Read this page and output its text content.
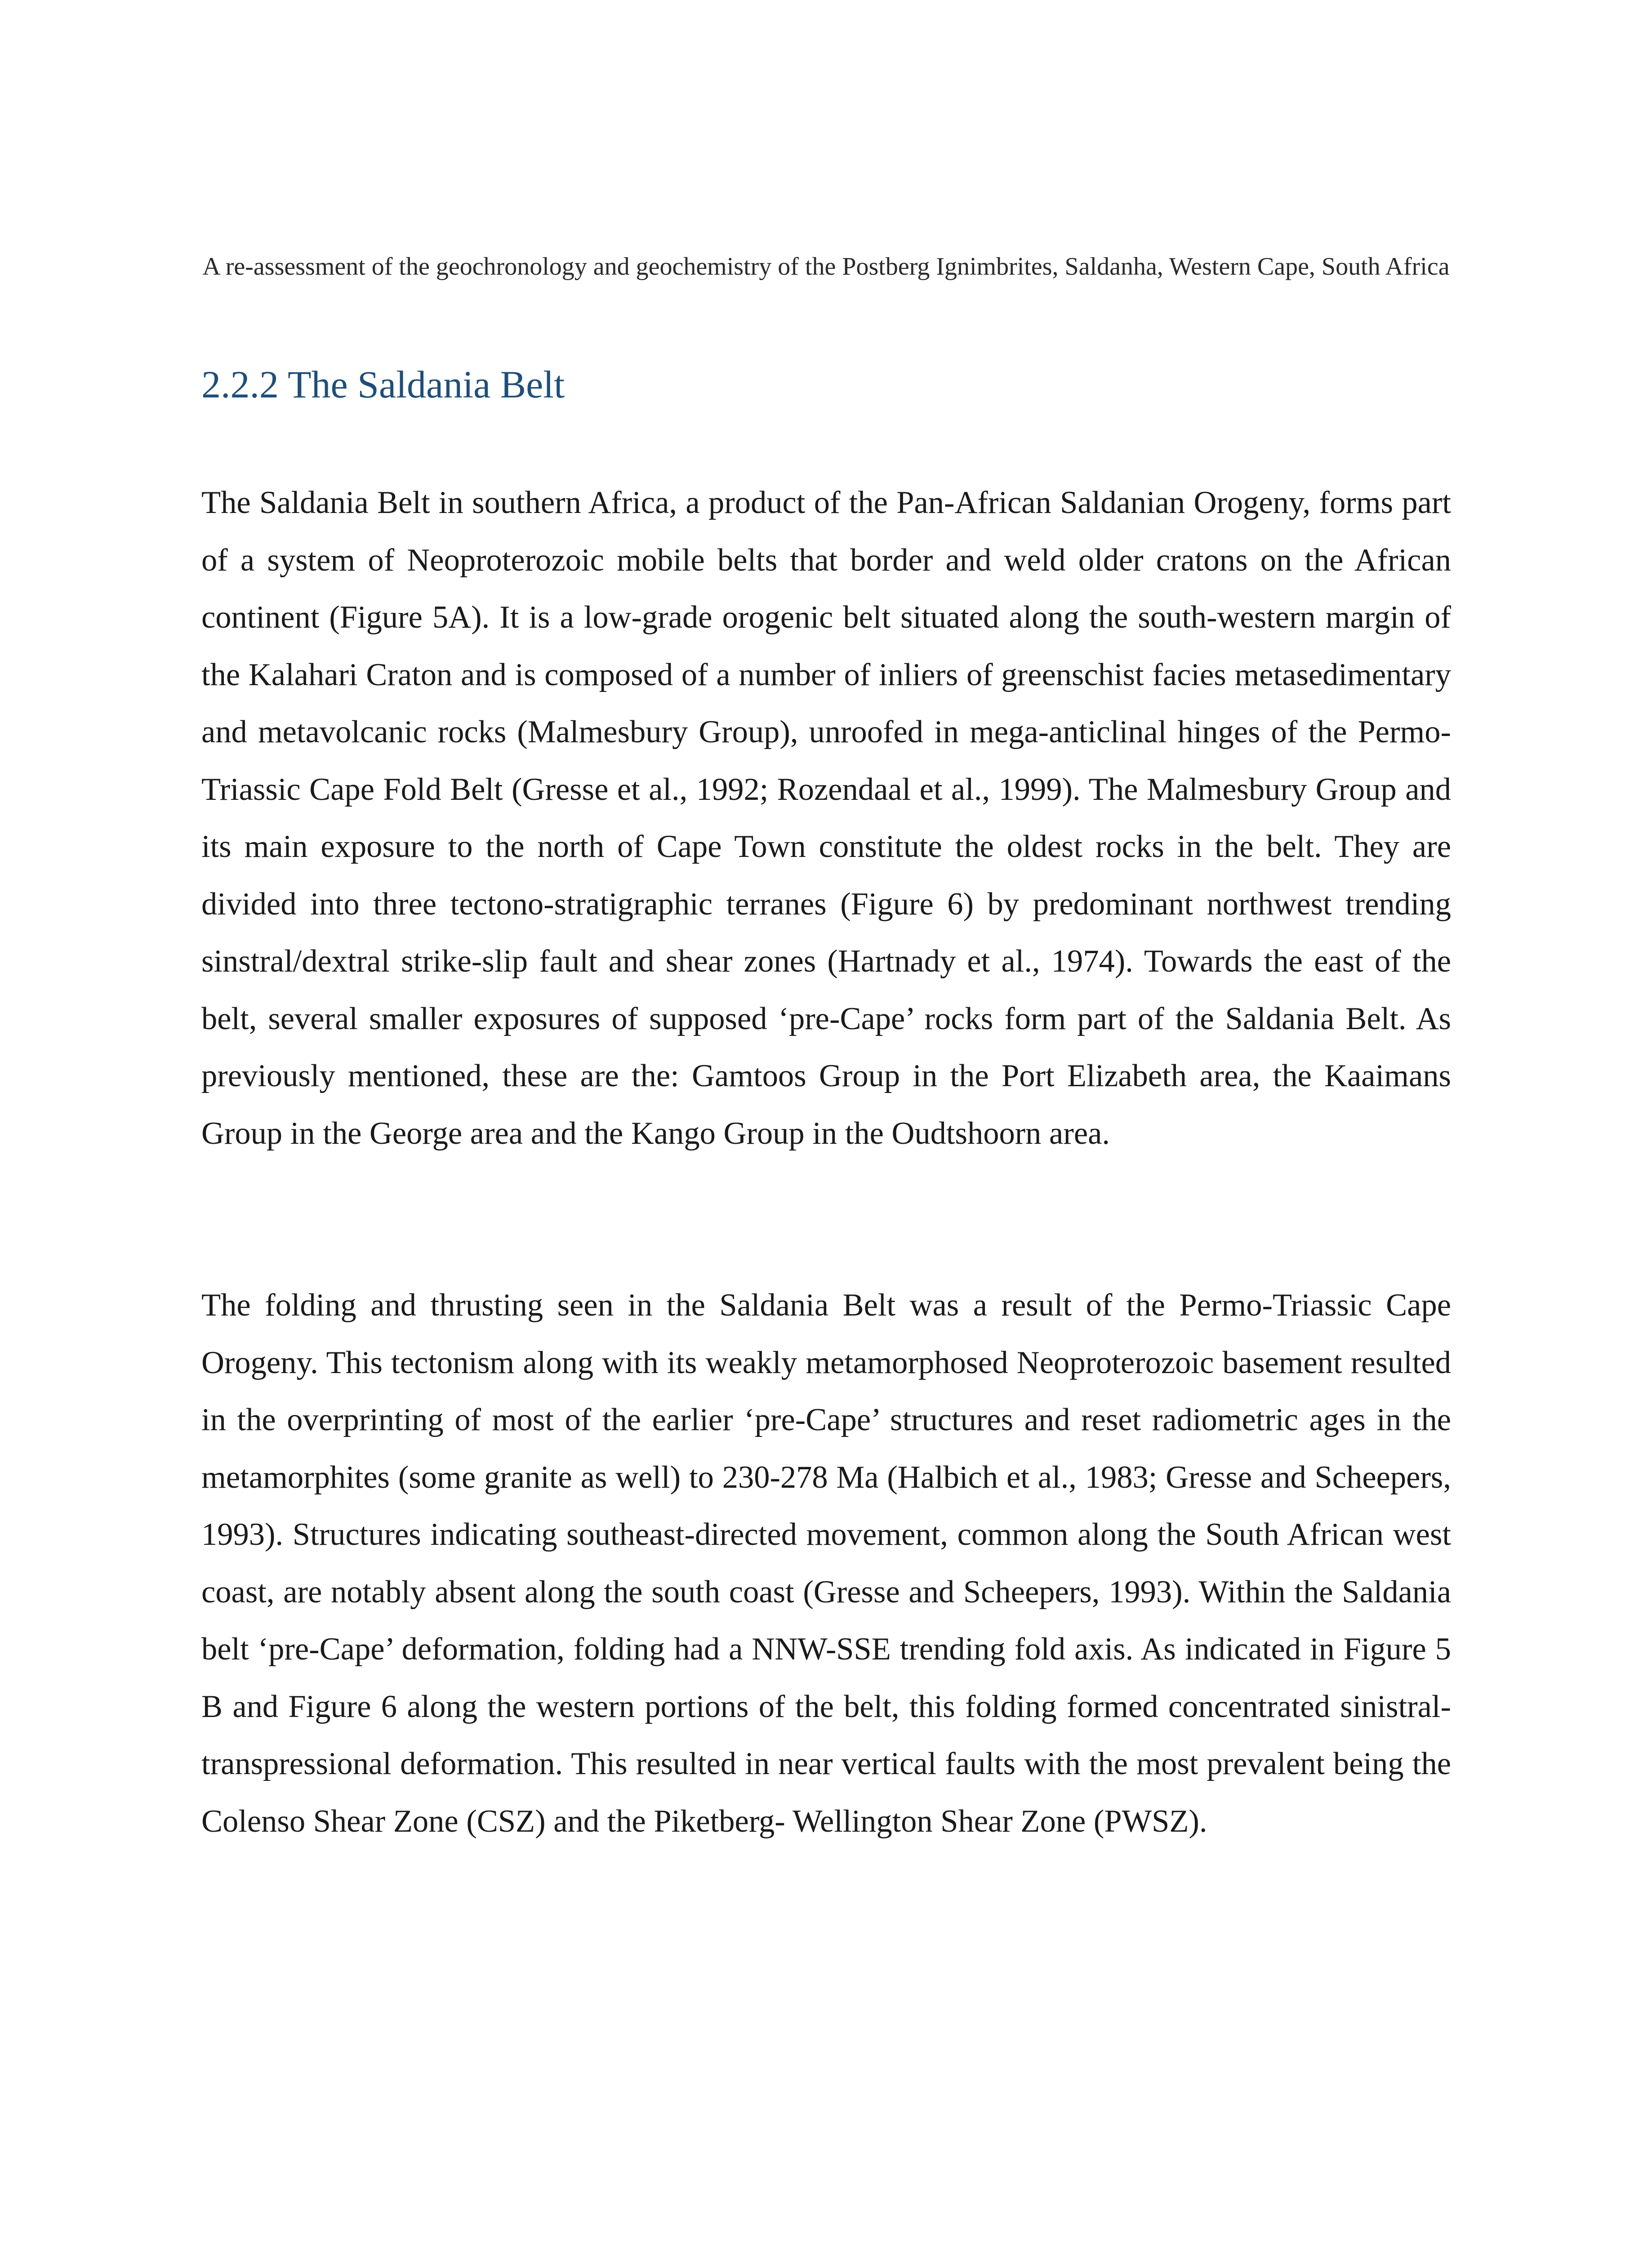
A re-assessment of the geochronology and geochemistry of the Postberg Ignimbrites, Saldanha, Western Cape, South Africa
2.2.2 The Saldania Belt

The Saldania Belt in southern Africa, a product of the Pan-African Saldanian Orogeny, forms part of a system of Neoproterozoic mobile belts that border and weld older cratons on the African continent (Figure 5A). It is a low-grade orogenic belt situated along the south-western margin of the Kalahari Craton and is composed of a number of inliers of greenschist facies metasedimentary and metavolcanic rocks (Malmesbury Group), unroofed in mega-anticlinal hinges of the Permo-Triassic Cape Fold Belt (Gresse et al., 1992; Rozendaal et al., 1999). The Malmesbury Group and its main exposure to the north of Cape Town constitute the oldest rocks in the belt. They are divided into three tectono-stratigraphic terranes (Figure 6) by predominant northwest trending sinstral/dextral strike-slip fault and shear zones (Hartnady et al., 1974). Towards the east of the belt, several smaller exposures of supposed ‘pre-Cape’ rocks form part of the Saldania Belt. As previously mentioned, these are the: Gamtoos Group in the Port Elizabeth area, the Kaaimans Group in the George area and the Kango Group in the Oudtshoorn area.

The folding and thrusting seen in the Saldania Belt was a result of the Permo-Triassic Cape Orogeny. This tectonism along with its weakly metamorphosed Neoproterozoic basement resulted in the overprinting of most of the earlier ‘pre-Cape’ structures and reset radiometric ages in the metamorphites (some granite as well) to 230-278 Ma (Halbich et al., 1983; Gresse and Scheepers, 1993). Structures indicating southeast-directed movement, common along the South African west coast, are notably absent along the south coast (Gresse and Scheepers, 1993). Within the Saldania belt ‘pre-Cape’ deformation, folding had a NNW-SSE trending fold axis. As indicated in Figure 5 B and Figure 6 along the western portions of the belt, this folding formed concentrated sinistral-transpressional deformation. This resulted in near vertical faults with the most prevalent being the Colenso Shear Zone (CSZ) and the Piketberg- Wellington Shear Zone (PWSZ).
